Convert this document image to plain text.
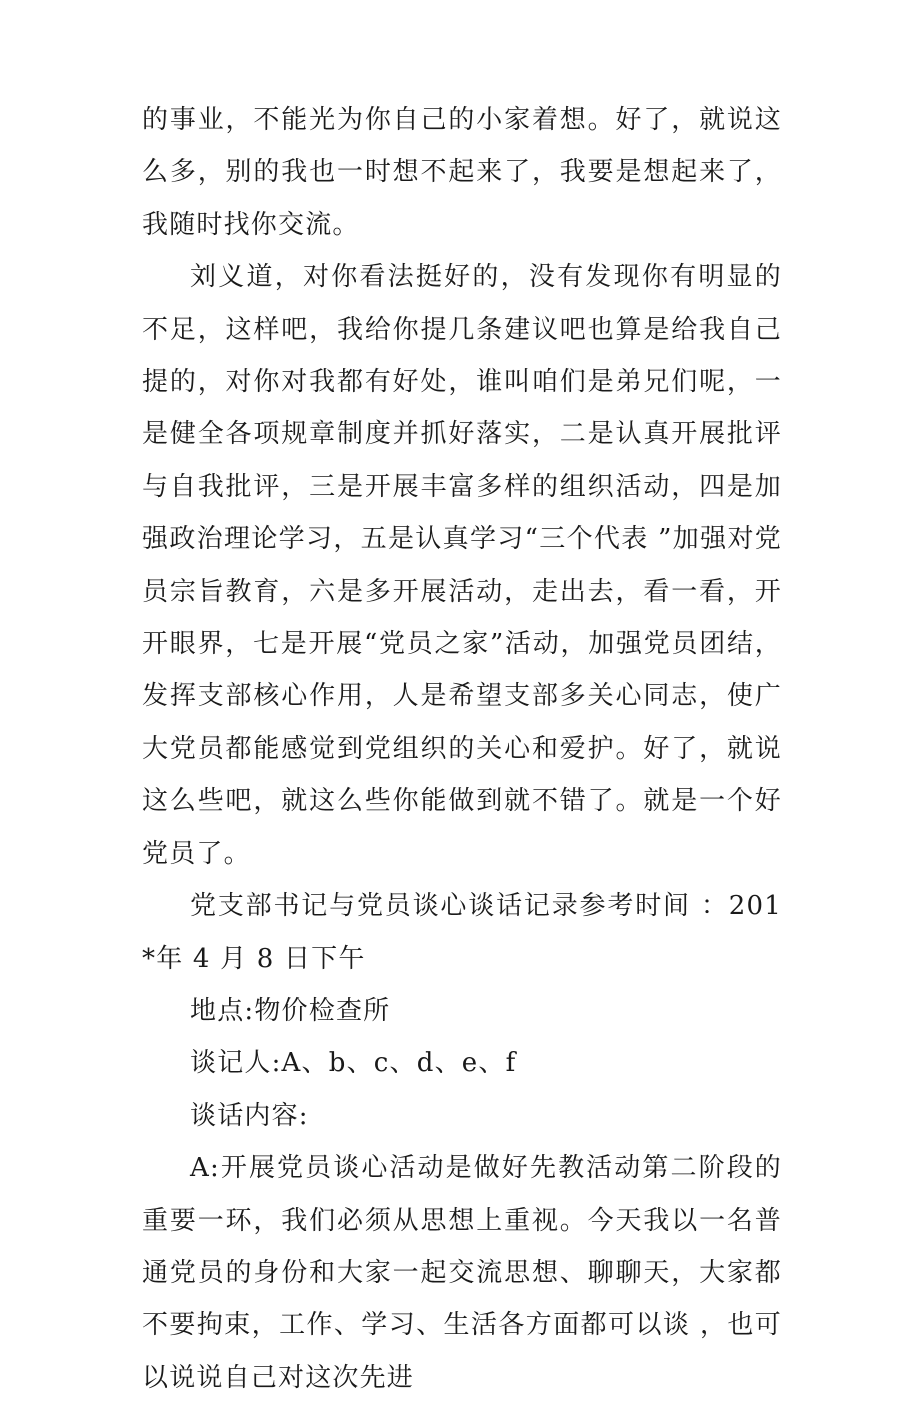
的事业，不能光为你自己的小家着想。好了，就说这么多，别的我也一时想不起来了，我要是想起来了，我随时找你交流。

刘义道，对你看法挺好的，没有发现你有明显的不足，这样吧，我给你提几条建议吧也算是给我自己提的，对你对我都有好处，谁叫咱们是弟兄们呢，一是健全各项规章制度并抓好落实，二是认真开展批评与自我批评，三是开展丰富多样的组织活动，四是加强政治理论学习，五是认真学习“三个代表 ”加强对党员宗旨教育，六是多开展活动，走出去，看一看，开开眼界，七是开展“党员之家”活动，加强党员团结，发挥支部核心作用，人是希望支部多关心同志，使广大党员都能感觉到党组织的关心和爱护。好了，就说这么些吧，就这么些你能做到就不错了。就是一个好党员了。

党支部书记与党员谈心谈话记录参考时间 ：201*年 4 月 8 日下午

地点:物价检查所

谈记人:A、b、c、d、e、f

谈话内容:

A:开展党员谈心活动是做好先教活动第二阶段的重要一环，我们必须从思想上重视。今天我以一名普通党员的身份和大家一起交流思想、聊聊天，大家都不要拘束，工作、学习、生活各方面都可以谈 ，也可以说说自己对这次先进
